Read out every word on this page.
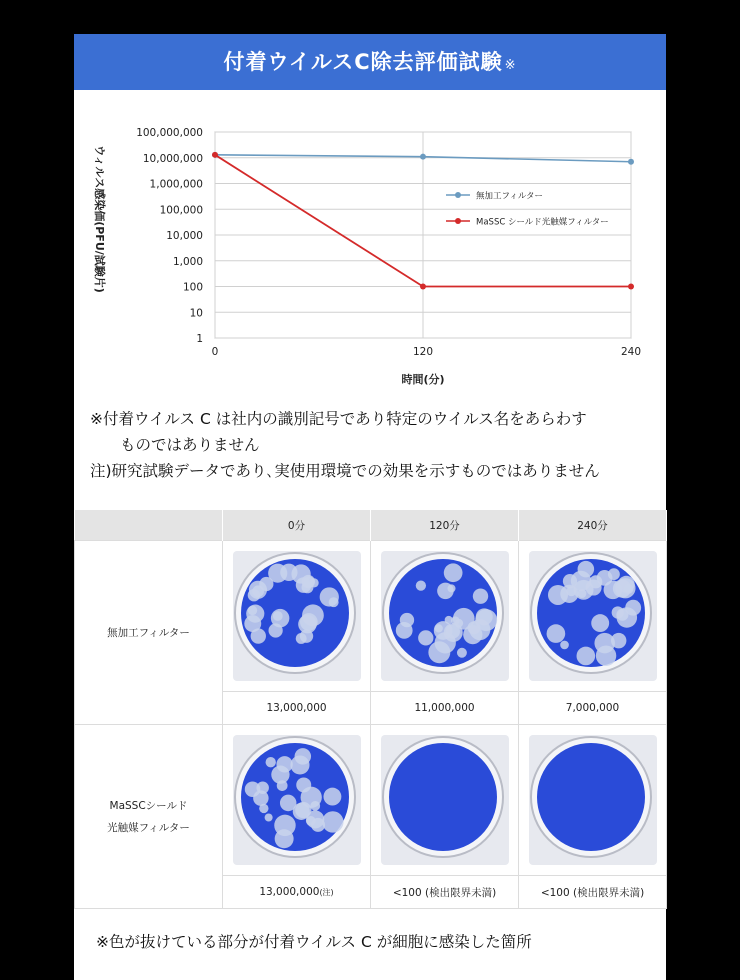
付着ウイルスC除去評価試験 ※
100,000,000
10,000,000
1,000,000
100,000
10,000
1,000
100
10
1
0	120	240
時間(分)
ウィルス感染価(PFU/試験片)	無加工フィルター
MaSSC シールド光触媒フィルター
※付着ウイルス C は社内の識別記号であり特定のウイルス名をあらわす
ものではありません
注)研究試験データであり､実使用環境での効果を示すものではありません
	0分	120分	240分

無加工フィルター

	13,000,000	11,000,000	7,000,000

MaSSCシールド
光触媒フィルター

	13,000,000(注)	<100 (検出限界未満)	<100 (検出限界未満)
※色が抜けている部分が付着ウイルス C が細胞に感染した箇所
